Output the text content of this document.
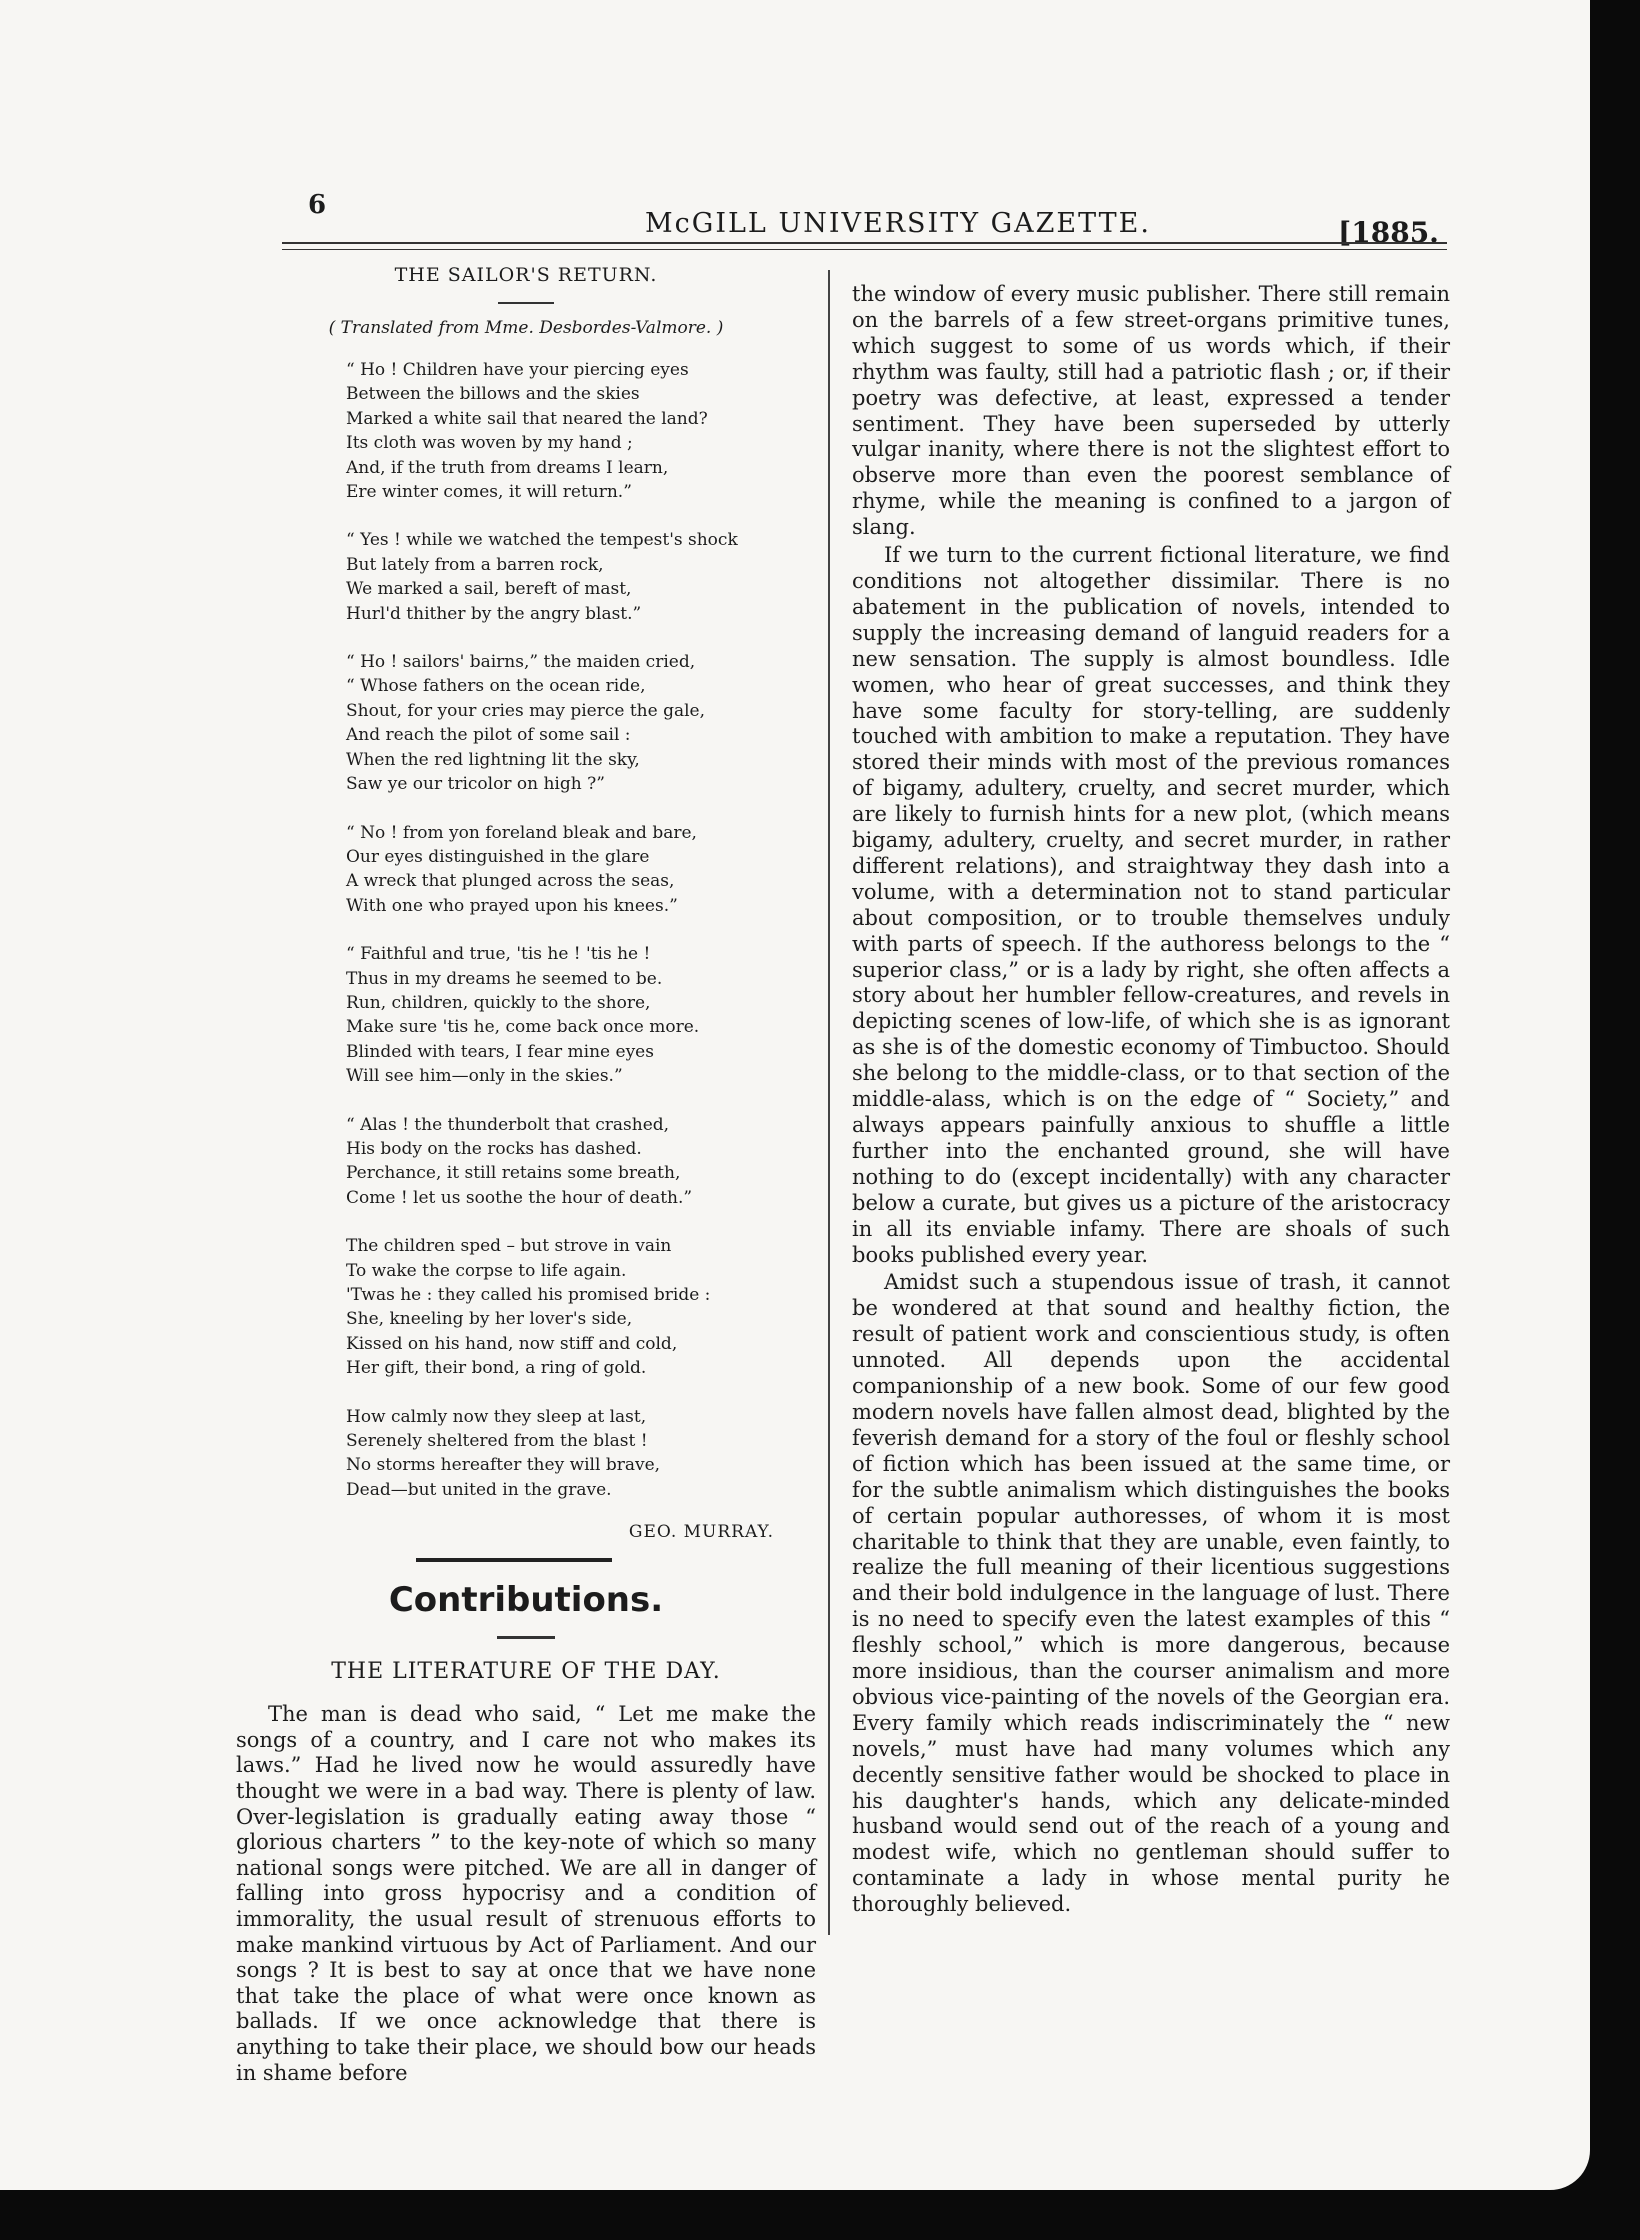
6
McGILL UNIVERSITY GAZETTE.	[1885.
THE SAILOR'S RETURN.
( Translated from Mme. Desbordes-Valmore. )
“ Ho ! Children have your piercing eyes
Between the billows and the skies
Marked a white sail that neared the land?
Its cloth was woven by my hand ;
And, if the truth from dreams I learn,
Ere winter comes, it will return.”
“ Yes ! while we watched the tempest's shock
But lately from a barren rock,
We marked a sail, bereft of mast,
Hurl'd thither by the angry blast.”
“ Ho ! sailors' bairns,” the maiden cried,
“ Whose fathers on the ocean ride,
Shout, for your cries may pierce the gale,
And reach the pilot of some sail :
When the red lightning lit the sky,
Saw ye our tricolor on high ?”
“ No ! from yon foreland bleak and bare,
Our eyes distinguished in the glare
A wreck that plunged across the seas,
With one who prayed upon his knees.”
“ Faithful and true, 'tis he ! 'tis he !
Thus in my dreams he seemed to be.
Run, children, quickly to the shore,
Make sure 'tis he, come back once more.
Blinded with tears, I fear mine eyes
Will see him—only in the skies.”
“ Alas ! the thunderbolt that crashed,
His body on the rocks has dashed.
Perchance, it still retains some breath,
Come ! let us soothe the hour of death.”
The children sped – but strove in vain
To wake the corpse to life again.
'Twas he : they called his promised bride :
She, kneeling by her lover's side,
Kissed on his hand, now stiff and cold,
Her gift, their bond, a ring of gold.
How calmly now they sleep at last,
Serenely sheltered from the blast !
No storms hereafter they will brave,
Dead—but united in the grave.
GEO. MURRAY.
Contributions.
THE LITERATURE OF THE DAY.

The man is dead who said, “ Let me make the songs of a country, and I care not who makes its laws.” Had he lived now he would assuredly have thought we were in a bad way. There is plenty of law. Over-legislation is gradually eating away those “ glorious charters ” to the key-note of which so many national songs were pitched. We are all in danger of falling into gross hypocrisy and a condition of immorality, the usual result of strenuous efforts to make mankind virtuous by Act of Parliament. And our songs ? It is best to say at once that we have none that take the place of what were once known as ballads. If we once acknowledge that there is anything to take their place, we should bow our heads in shame before

the window of every music publisher. There still remain on the barrels of a few street-organs primitive tunes, which suggest to some of us words which, if their rhythm was faulty, still had a patriotic flash ; or, if their poetry was defective, at least, expressed a tender sentiment. They have been superseded by utterly vulgar inanity, where there is not the slightest effort to observe more than even the poorest semblance of rhyme, while the meaning is confined to a jargon of slang.

If we turn to the current fictional literature, we find conditions not altogether dissimilar. There is no abatement in the publication of novels, intended to supply the increasing demand of languid readers for a new sensation. The supply is almost boundless. Idle women, who hear of great successes, and think they have some faculty for story-telling, are suddenly touched with ambition to make a reputation. They have stored their minds with most of the previous romances of bigamy, adultery, cruelty, and secret murder, which are likely to furnish hints for a new plot, (which means bigamy, adultery, cruelty, and secret murder, in rather different relations), and straightway they dash into a volume, with a determination not to stand particular about composition, or to trouble themselves unduly with parts of speech. If the authoress belongs to the “ superior class,” or is a lady by right, she often affects a story about her humbler fellow-creatures, and revels in depicting scenes of low-life, of which she is as ignorant as she is of the domestic economy of Timbuctoo. Should she belong to the middle-class, or to that section of the middle-alass, which is on the edge of “ Society,” and always appears painfully anxious to shuffle a little further into the enchanted ground, she will have nothing to do (except incidentally) with any character below a curate, but gives us a picture of the aristocracy in all its enviable infamy. There are shoals of such books published every year.

Amidst such a stupendous issue of trash, it cannot be wondered at that sound and healthy fiction, the result of patient work and conscientious study, is often unnoted. All depends upon the accidental companionship of a new book. Some of our few good modern novels have fallen almost dead, blighted by the feverish demand for a story of the foul or fleshly school of fiction which has been issued at the same time, or for the subtle animalism which distinguishes the books of certain popular authoresses, of whom it is most charitable to think that they are unable, even faintly, to realize the full meaning of their licentious suggestions and their bold indulgence in the language of lust. There is no need to specify even the latest examples of this “ fleshly school,” which is more dangerous, because more insidious, than the courser animalism and more obvious vice-painting of the novels of the Georgian era. Every family which reads indiscriminately the “ new novels,” must have had many volumes which any decently sensitive father would be shocked to place in his daughter's hands, which any delicate-minded husband would send out of the reach of a young and modest wife, which no gentleman should suffer to contaminate a lady in whose mental purity he thoroughly believed.
